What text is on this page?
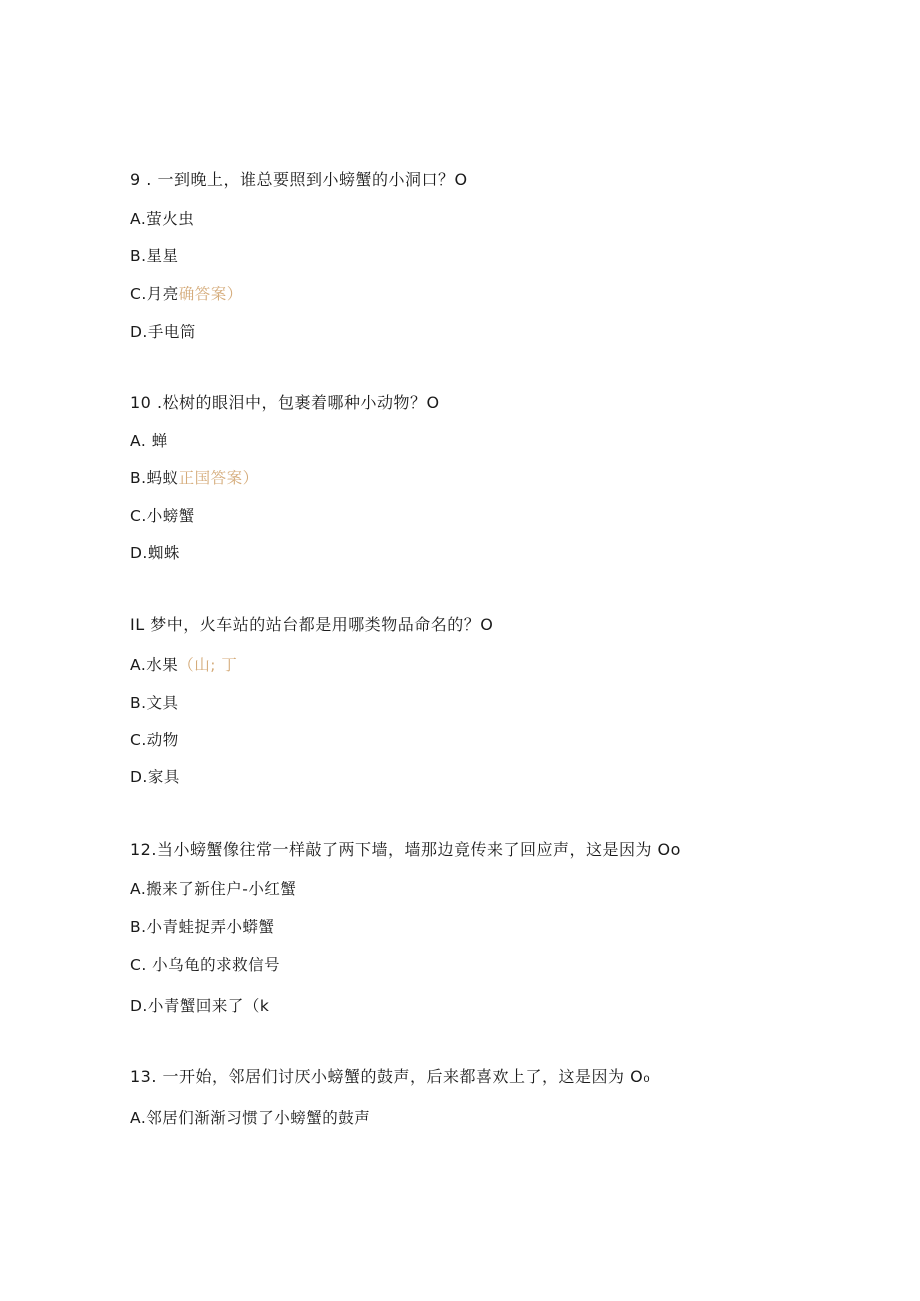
9 . 一到晚上，谁总要照到小螃蟹的小洞口？O
A.萤火虫
B.星星
C.月亮确答案）
D.手电筒
10 .松树的眼泪中，包裹着哪种小动物？O
A. 蝉
B.蚂蚁正国答案）
C.小螃蟹
D.蜘蛛
IL 梦中，火车站的站台都是用哪类物品命名的？O
A.水果（山; 丁
B.文具
C.动物
D.家具
12.当小螃蟹像往常一样敲了两下墙，墙那边竟传来了回应声，这是因为 Oo
A.搬来了新住户-小红蟹
B.小青蛙捉弄小蟒蟹
C. 小乌龟的求救信号
D.小青蟹回来了（k
13. 一开始，邻居们讨厌小螃蟹的鼓声，后来都喜欢上了，这是因为 O₀
A.邻居们渐渐习惯了小螃蟹的鼓声
